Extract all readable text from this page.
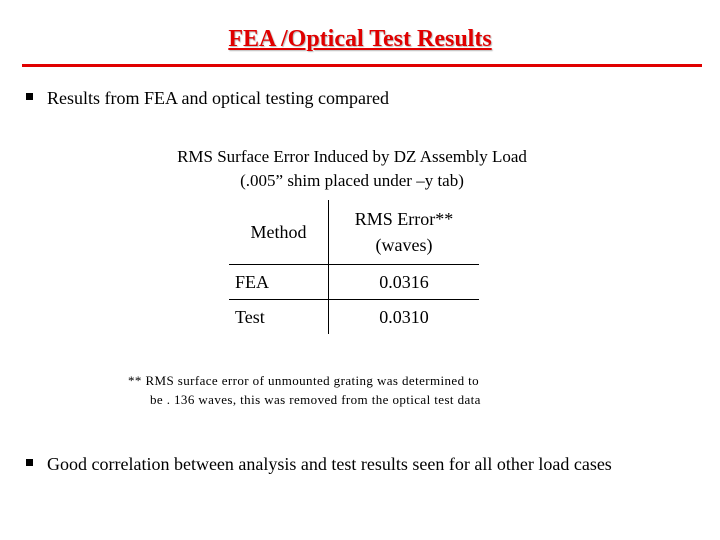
FEA /Optical Test Results
Results from FEA and optical testing compared
RMS Surface Error Induced by DZ Assembly Load
(.005” shim placed under –y tab)
Method	RMS Error**
(waves)

FEA	0.0316
Test	0.0310
** RMS surface error of unmounted grating was determined to
be . 136 waves, this was removed from the optical test data
Good correlation between analysis and test results seen for all other load cases
